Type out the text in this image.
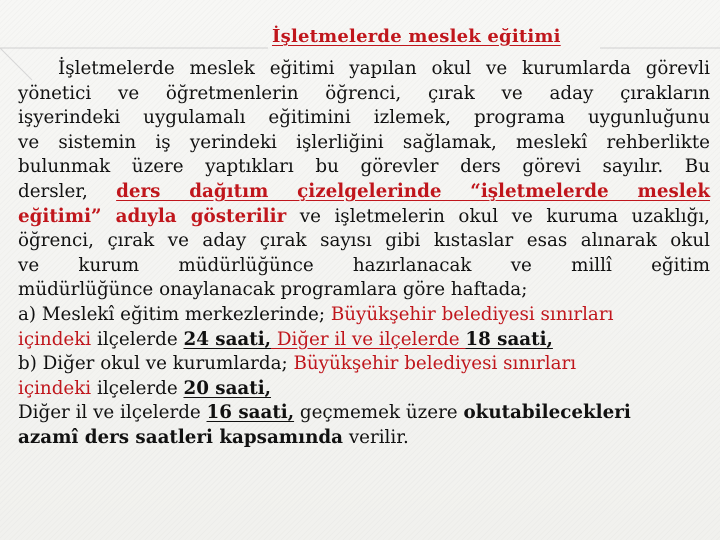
İşletmelerde meslek eğitimi
İşletmelerde meslek eğitimi yapılan okul ve kurumlarda görevli
yönetici ve öğretmenlerin öğrenci, çırak ve aday çırakların
işyerindeki uygulamalı eğitimini izlemek, programa uygunluğunu
ve sistemin iş yerindeki işlerliğini sağlamak, meslekî rehberlikte
bulunmak üzere yaptıkları bu görevler ders görevi sayılır. Bu
dersler, ders dağıtım çizelgelerinde “işletmelerde meslek
eğitimi” adıyla gösterilir ve işletmelerin okul ve kuruma uzaklığı,
öğrenci, çırak ve aday çırak sayısı gibi kıstaslar esas alınarak okul
ve kurum müdürlüğünce hazırlanacak ve millî eğitim
müdürlüğünce onaylanacak programlara göre haftada;
a) Meslekî eğitim merkezlerinde; Büyükşehir belediyesi sınırları
içindeki ilçelerde 24 saati, Diğer il ve ilçelerde 18 saati,
b) Diğer okul ve kurumlarda; Büyükşehir belediyesi sınırları
içindeki ilçelerde 20 saati,
Diğer il ve ilçelerde 16 saati, geçmemek üzere okutabilecekleri
azamî ders saatleri kapsamında verilir.
